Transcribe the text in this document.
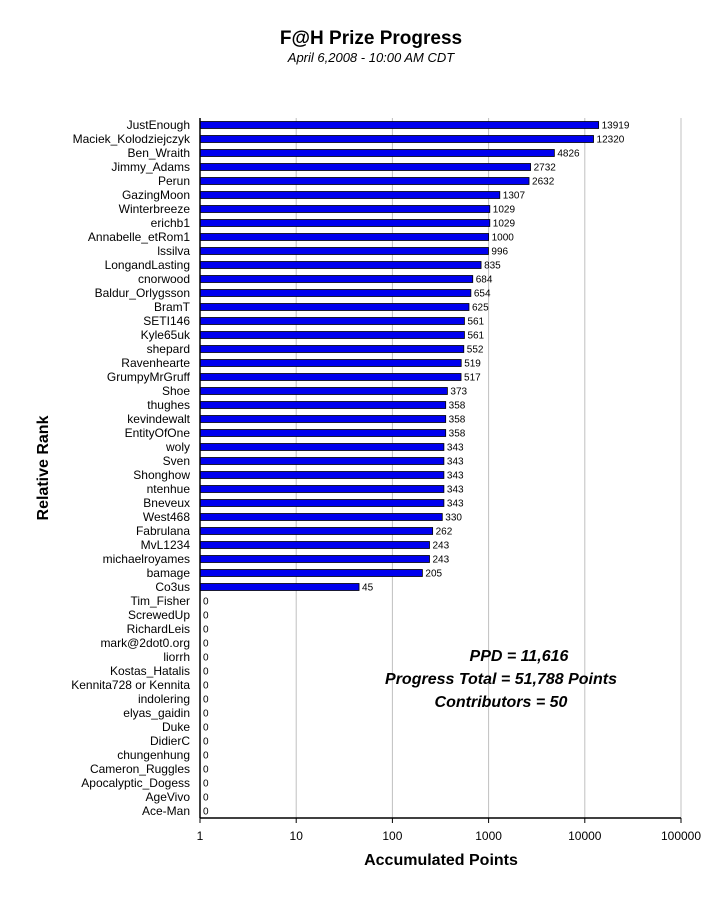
F@H Prize Progress
April 6,2008 - 10:00 AM CDT
JustEnough
Maciek_Kolodziejczyk
Ben_Wraith
Jimmy_Adams
Perun
GazingMoon
Winterbreeze
erichb1
Annabelle_etRom1
lssilva
LongandLasting
cnorwood
Baldur_Orlygsson
BramT
SETI146
Kyle65uk
shepard
Ravenhearte
GrumpyMrGruff
Shoe
thughes
kevindewalt
EntityOfOne
woly
Sven
Shonghow
ntenhue
Bneveux
West468
Fabrulana
MvL1234
michaelroyames
bamage
Co3us
Tim_Fisher
ScrewedUp
RichardLeis
mark@2dot0.org
liorrh
Kostas_Hatalis
Kennita728 or Kennita
indolering
elyas_gaidin
Duke
DidierC
chungenhung
Cameron_Ruggles
Apocalyptic_Dogess
AgeVivo
Ace-Man
13919
12320
4826
2732
2632
1307
1029
1029
1000
996
835
684
654
625
561
561
552
519
517
373
358
358
358
343
343
343
343
343
330
262
243
243
205
45
0
0
0
0
0
0
0
0
0
0
0
0
0
0
0
0
1	10	100	1000	10000	100000
Accumulated Points
Relative Rank
PPD = 11,616
Progress Total = 51,788 Points
Contributors = 50
